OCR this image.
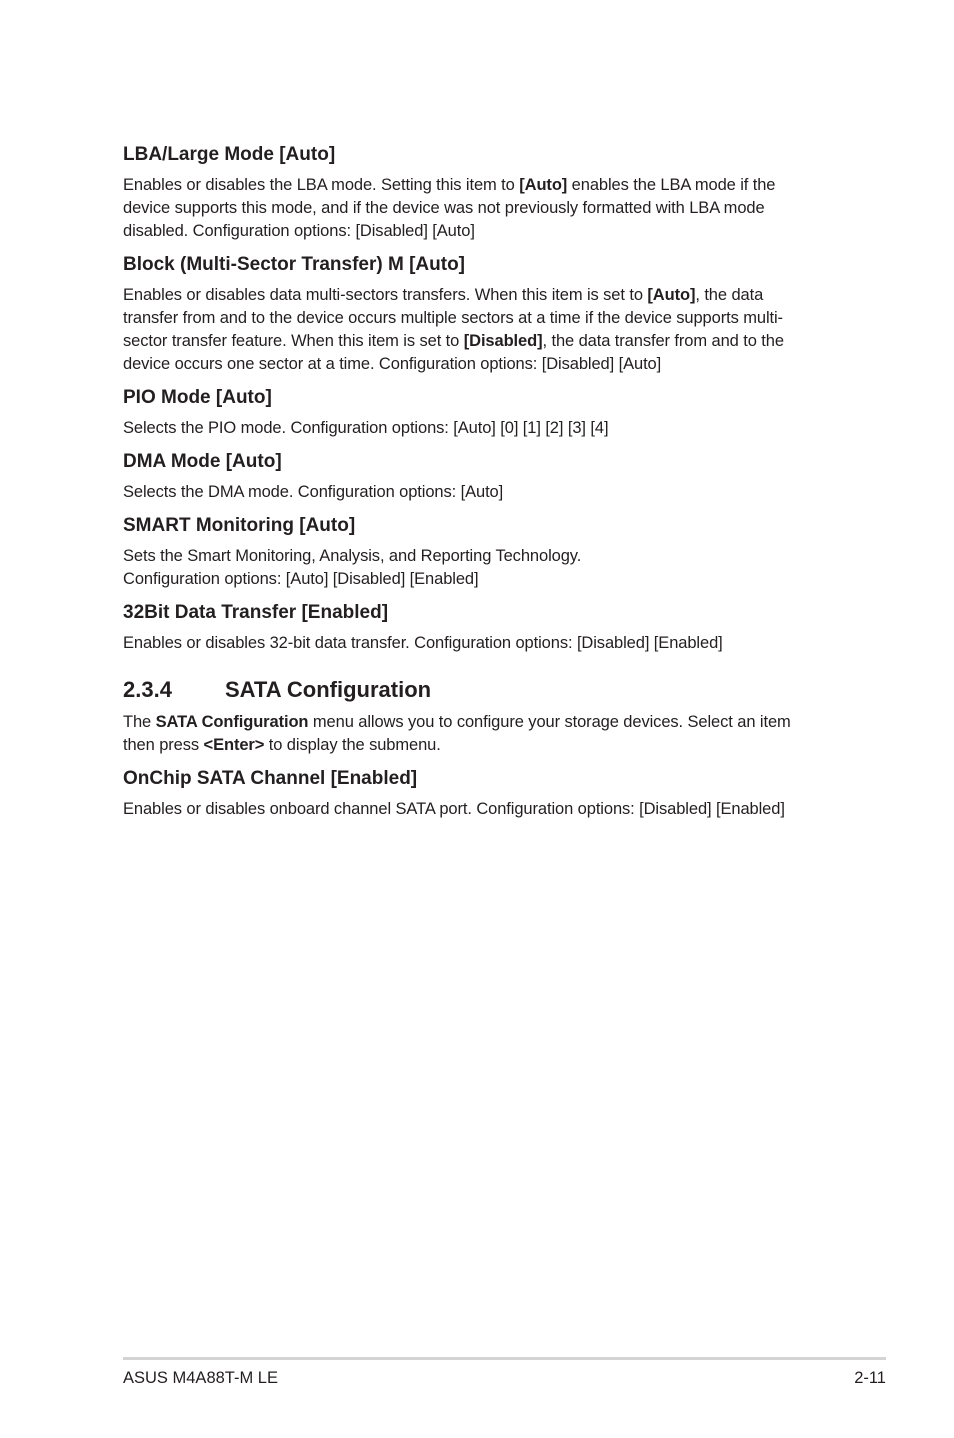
LBA/Large Mode [Auto]
Enables or disables the LBA mode. Setting this item to [Auto] enables the LBA mode if the
device supports this mode, and if the device was not previously formatted with LBA mode
disabled. Configuration options: [Disabled] [Auto]
Block (Multi-Sector Transfer) M [Auto]
Enables or disables data multi-sectors transfers. When this item is set to [Auto], the data
transfer from and to the device occurs multiple sectors at a time if the device supports multi-
sector transfer feature. When this item is set to [Disabled], the data transfer from and to the
device occurs one sector at a time. Configuration options: [Disabled] [Auto]
PIO Mode [Auto]
Selects the PIO mode. Configuration options: [Auto] [0] [1] [2] [3] [4]
DMA Mode [Auto]
Selects the DMA mode. Configuration options: [Auto]
SMART Monitoring [Auto]
Sets the Smart Monitoring, Analysis, and Reporting Technology.
Configuration options: [Auto] [Disabled] [Enabled]
32Bit Data Transfer [Enabled]
Enables or disables 32-bit data transfer. Configuration options: [Disabled] [Enabled]
2.3.4 SATA Configuration
The SATA Configuration menu allows you to configure your storage devices. Select an item
then press <Enter> to display the submenu.
OnChip SATA Channel [Enabled]
Enables or disables onboard channel SATA port. Configuration options: [Disabled] [Enabled]
ASUS M4A88T-M LE	2-11
